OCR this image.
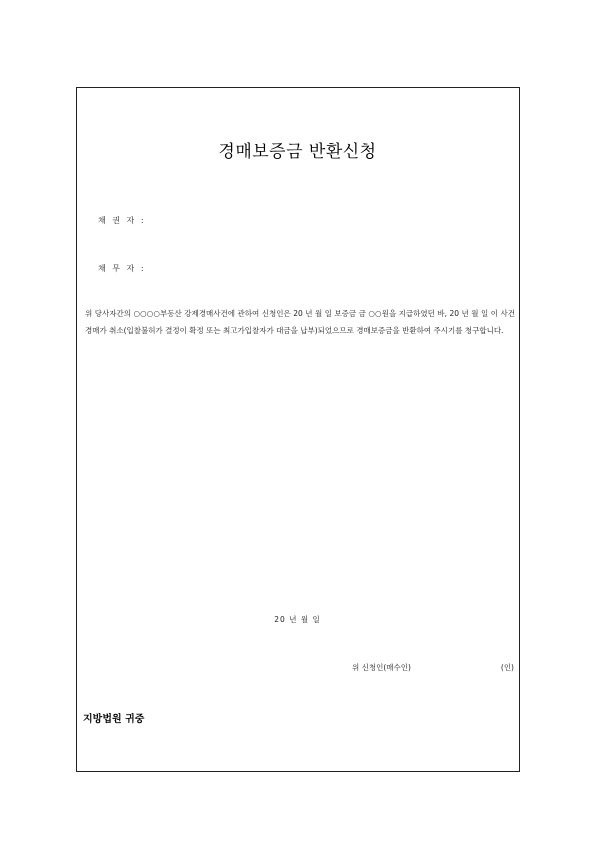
경매보증금 반환신청
채 권 자 :
채 무 자 :
위 당사자간의 ○○○○부동산 강제경매사건에 관하여 신청인은 20 년 월 일 보증금 금 ○○원을 지급하였던 바, 20 년 월 일 이 사건 경매가 취소(입찰불허가 결정이 확정 또는 최고가입찰자가 대금을 납부)되었으므로 경매보증금을 반환하여 주시기를 청구합니다.
20 년 월 일
위 신청인(매수인)	(인)
지방법원 귀중
